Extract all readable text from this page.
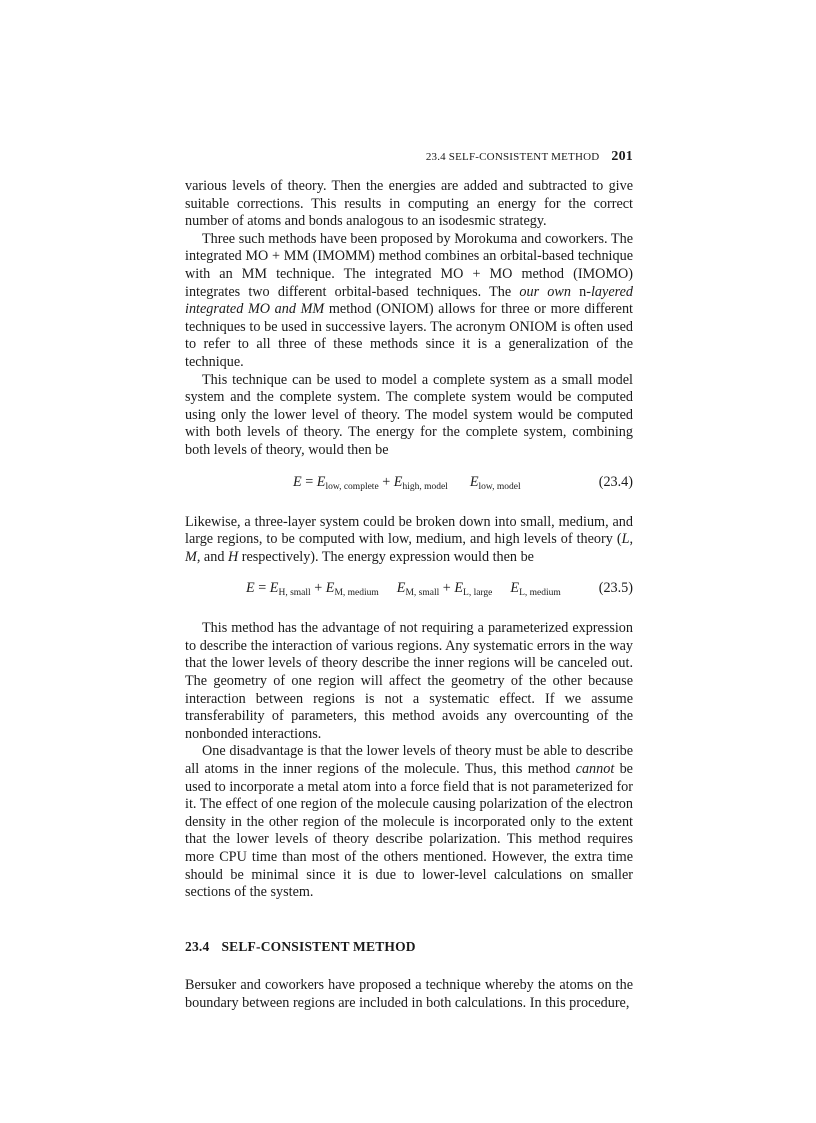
23.4 SELF-CONSISTENT METHOD 201

various levels of theory. Then the energies are added and subtracted to give suitable corrections. This results in computing an energy for the correct number of atoms and bonds analogous to an isodesmic strategy.

Three such methods have been proposed by Morokuma and coworkers. The integrated MO + MM (IMOMM) method combines an orbital-based technique with an MM technique. The integrated MO + MO method (IMOMO) integrates two different orbital-based techniques. The our own n-layered integrated MO and MM method (ONIOM) allows for three or more different techniques to be used in successive layers. The acronym ONIOM is often used to refer to all three of these methods since it is a generalization of the technique.

This technique can be used to model a complete system as a small model system and the complete system. The complete system would be computed using only the lower level of theory. The model system would be computed with both levels of theory. The energy for the complete system, combining both levels of theory, would then be

$E = E_{low, complete} + E_{high, model}$ $E_{low, model}$	(23.4)

Likewise, a three-layer system could be broken down into small, medium, and large regions, to be computed with low, medium, and high levels of theory (L, M, and H respectively). The energy expression would then be

$E = E_{H, small} + E_{M, medium}$ $E_{M, small} + E_{L, large}$ $E_{L, medium}$	(23.5)

This method has the advantage of not requiring a parameterized expression to describe the interaction of various regions. Any systematic errors in the way that the lower levels of theory describe the inner regions will be canceled out. The geometry of one region will affect the geometry of the other because interaction between regions is not a systematic effect. If we assume transferability of parameters, this method avoids any overcounting of the nonbonded interactions.

One disadvantage is that the lower levels of theory must be able to describe all atoms in the inner regions of the molecule. Thus, this method cannot be used to incorporate a metal atom into a force field that is not parameterized for it. The effect of one region of the molecule causing polarization of the electron density in the other region of the molecule is incorporated only to the extent that the lower levels of theory describe polarization. This method requires more CPU time than most of the others mentioned. However, the extra time should be minimal since it is due to lower-level calculations on smaller sections of the system.

23.4 SELF-CONSISTENT METHOD

Bersuker and coworkers have proposed a technique whereby the atoms on the boundary between regions are included in both calculations. In this procedure,
